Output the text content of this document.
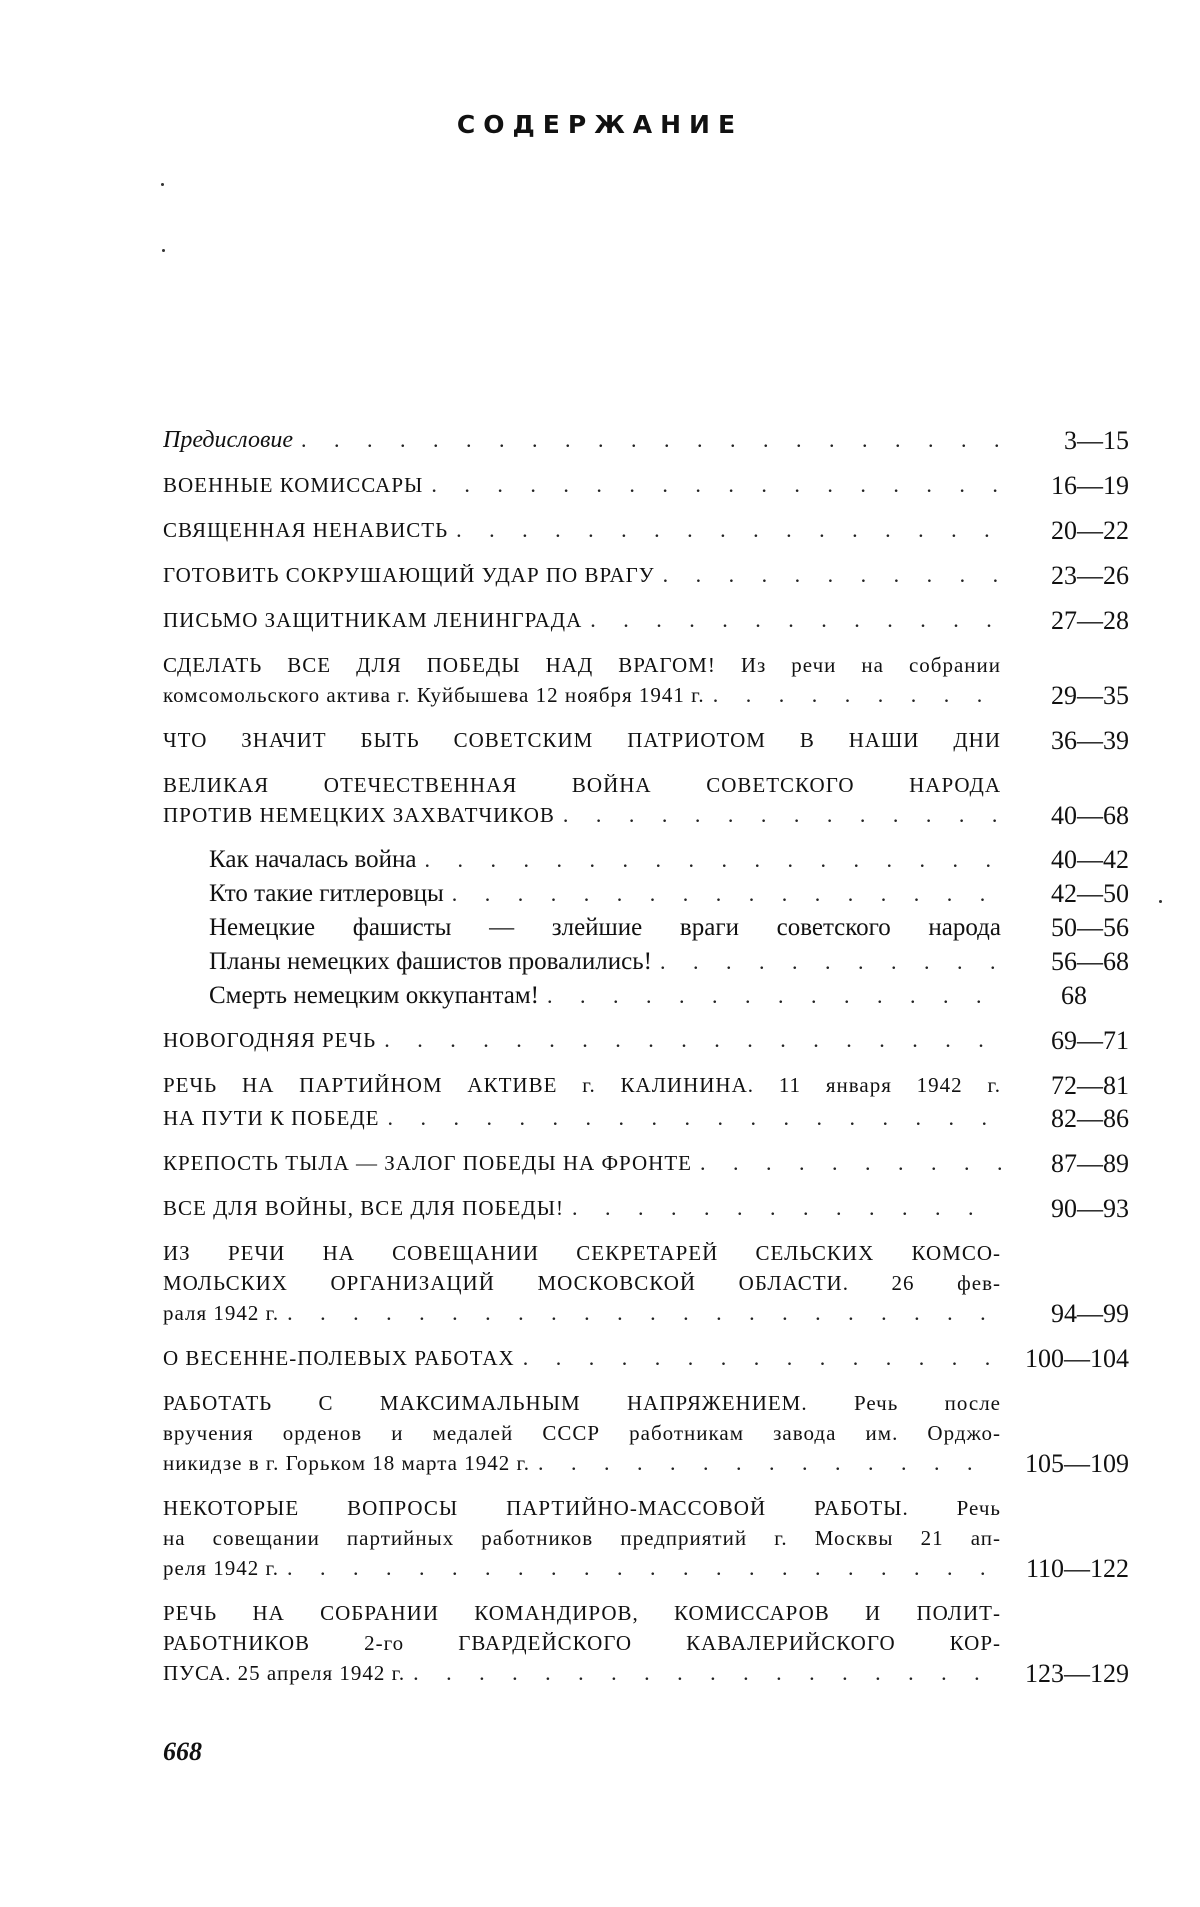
СОДЕРЖАНИЕ
Предисловие . . .	3—15
ВОЕННЫЕ КОМИССАРЫ . . .	16—19
СВЯЩЕННАЯ НЕНАВИСТЬ . . .	20—22
ГОТОВИТЬ СОКРУШАЮЩИЙ УДАР ПО ВРАГУ . . .	23—26
ПИСЬМО ЗАЩИТНИКАМ ЛЕНИНГРАДА . . .	27—28
СДЕЛАТЬ ВСЕ ДЛЯ ПОБЕДЫ НАД ВРАГОМ! Из речи на собрании
комсомольского актива г. Куйбышева 12 ноября 1941 г. . . .	29—35
ЧТО ЗНАЧИТ БЫТЬ СОВЕТСКИМ ПАТРИОТОМ В НАШИ ДНИ	36—39
ВЕЛИКАЯ ОТЕЧЕСТВЕННАЯ ВОЙНА СОВЕТСКОГО НАРОДА
ПРОТИВ НЕМЕЦКИХ ЗАХВАТЧИКОВ . . .	40—68
Как началась война . . .	40—42
Кто такие гитлеровцы . . .	42—50
Немецкие фашисты — злейшие враги советского народа	50—56
Планы немецких фашистов провалились! . . .	56—68
Смерть немецким оккупантам! . . .	68
НОВОГОДНЯЯ РЕЧЬ . . .	69—71
РЕЧЬ НА ПАРТИЙНОМ АКТИВЕ г. КАЛИНИНА. 11 января 1942 г.	72—81
НА ПУТИ К ПОБЕДЕ . . .	82—86
КРЕПОСТЬ ТЫЛА — ЗАЛОГ ПОБЕДЫ НА ФРОНТЕ . . .	87—89
ВСЕ ДЛЯ ВОЙНЫ, ВСЕ ДЛЯ ПОБЕДЫ! . . .	90—93
ИЗ РЕЧИ НА СОВЕЩАНИИ СЕКРЕТАРЕЙ СЕЛЬСКИХ КОМСО-
МОЛЬСКИХ ОРГАНИЗАЦИЙ МОСКОВСКОЙ ОБЛАСТИ. 26 фев-
раля 1942 г. . . .	94—99
О ВЕСЕННЕ-ПОЛЕВЫХ РАБОТАХ . . .	100—104
РАБОТАТЬ С МАКСИМАЛЬНЫМ НАПРЯЖЕНИЕМ. Речь после
вручения орденов и медалей СССР работникам завода им. Орджо-
никидзе в г. Горьком 18 марта 1942 г. . . .	105—109
НЕКОТОРЫЕ ВОПРОСЫ ПАРТИЙНО-МАССОВОЙ РАБОТЫ. Речь
на совещании партийных работников предприятий г. Москвы 21 ап-
реля 1942 г. . . .	110—122
РЕЧЬ НА СОБРАНИИ КОМАНДИРОВ, КОМИССАРОВ И ПОЛИТ-
РАБОТНИКОВ 2-го ГВАРДЕЙСКОГО КАВАЛЕРИЙСКОГО КОР-
ПУСА. 25 апреля 1942 г. . . .	123—129
668
